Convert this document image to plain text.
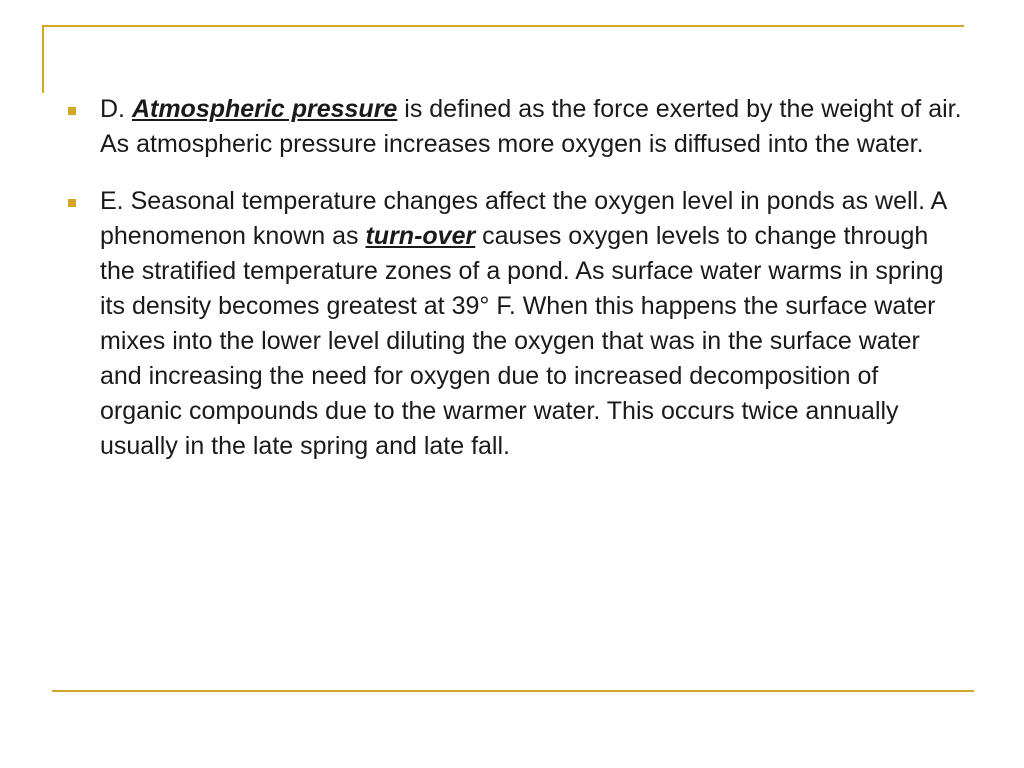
D. Atmospheric pressure is defined as the force exerted by the weight of air. As atmospheric pressure increases more oxygen is diffused into the water.

E. Seasonal temperature changes affect the oxygen level in ponds as well. A phenomenon known as turn-over causes oxygen levels to change through the stratified temperature zones of a pond. As surface water warms in spring its density becomes greatest at 39° F. When this happens the surface water mixes into the lower level diluting the oxygen that was in the surface water and increasing the need for oxygen due to increased decomposition of organic compounds due to the warmer water. This occurs twice annually usually in the late spring and late fall.
